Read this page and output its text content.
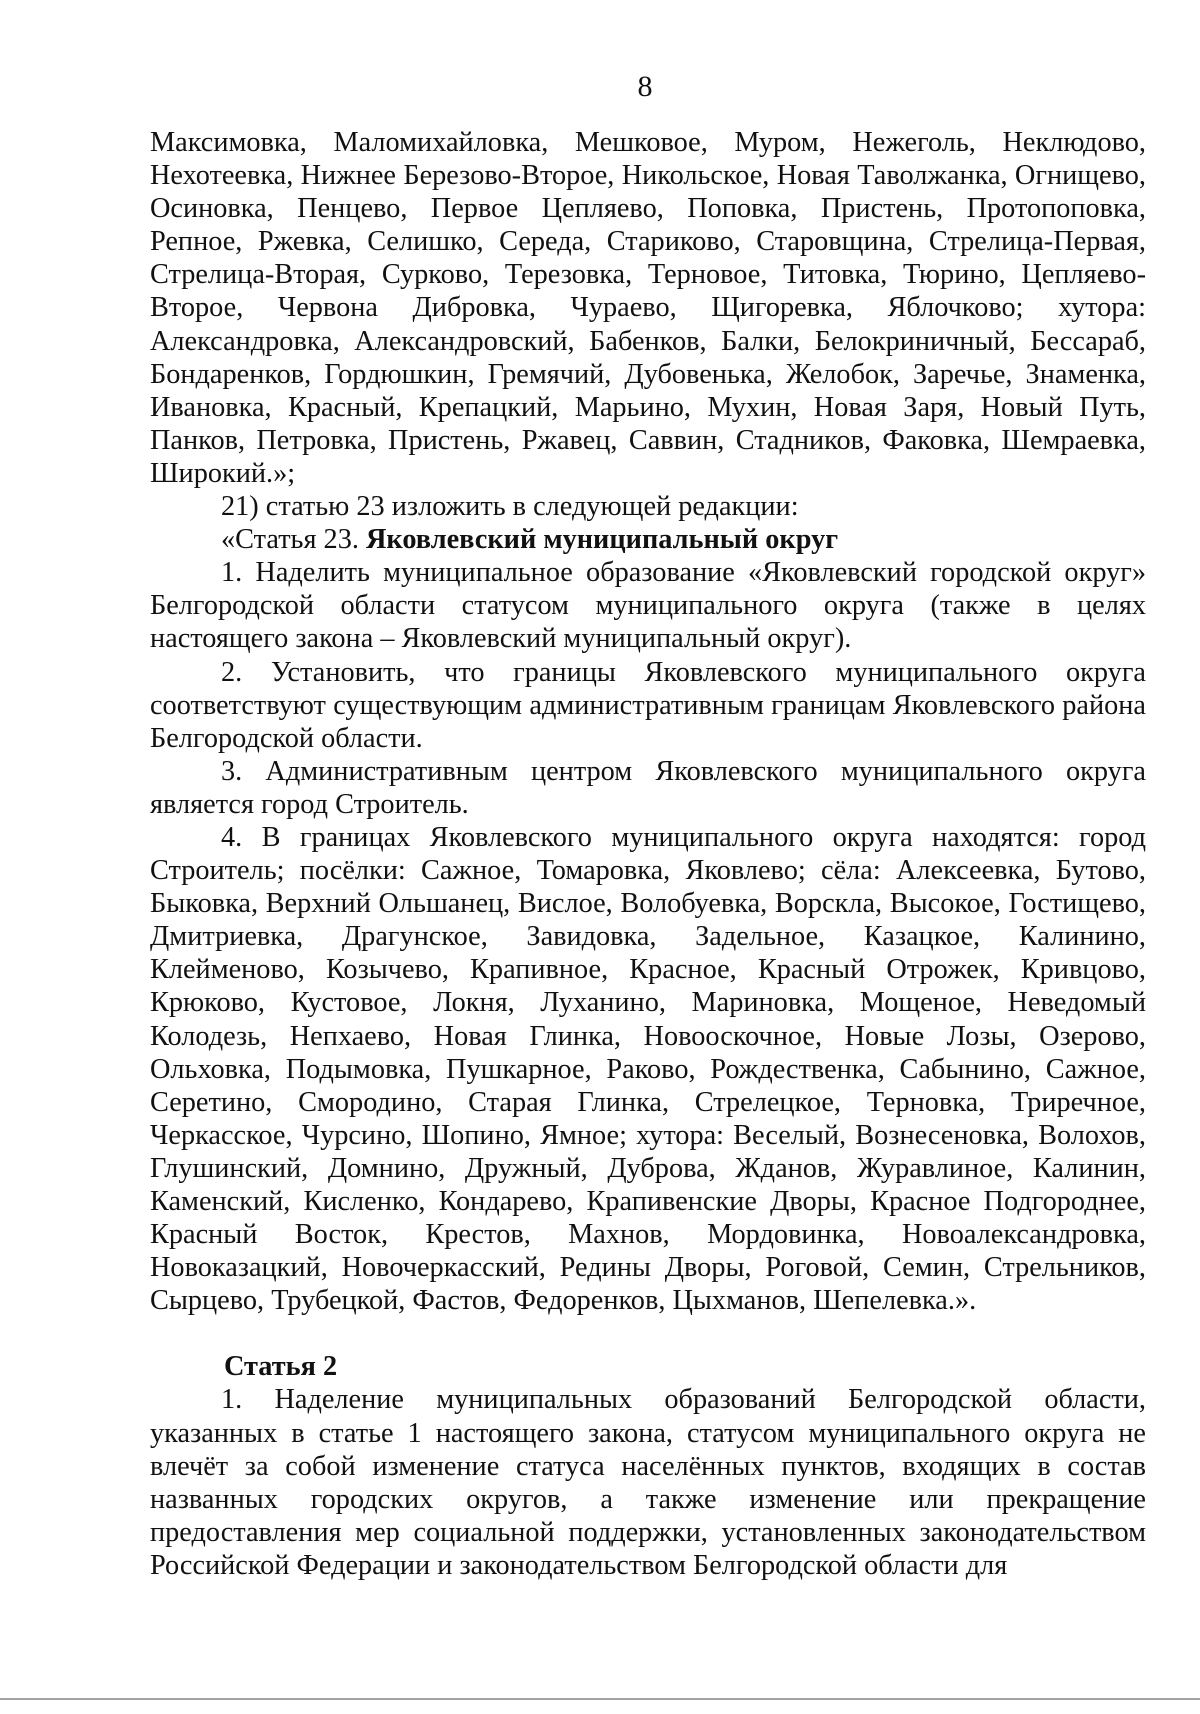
8

Максимовка, Маломихайловка, Мешковое, Муром, Нежеголь, Неклюдово, Нехотеевка, Нижнее Березово-Второе, Никольское, Новая Таволжанка, Огнищево, Осиновка, Пенцево, Первое Цепляево, Поповка, Пристень, Протопоповка, Репное, Ржевка, Селишко, Середа, Стариково, Старовщина, Стрелица-Первая, Стрелица-Вторая, Сурково, Терезовка, Терновое, Титовка, Тюрино, Цепляево-Второе, Червона Дибровка, Чураево, Щигоревка, Яблочково; хутора: Александровка, Александровский, Бабенков, Балки, Белокриничный, Бессараб, Бондаренков, Гордюшкин, Гремячий, Дубовенька, Желобок, Заречье, Знаменка, Ивановка, Красный, Крепацкий, Марьино, Мухин, Новая Заря, Новый Путь, Панков, Петровка, Пристень, Ржавец, Саввин, Стадников, Факовка, Шемраевка, Широкий.»;

21) статью 23 изложить в следующей редакции:

«Статья 23. Яковлевский муниципальный округ

1. Наделить муниципальное образование «Яковлевский городской округ» Белгородской области статусом муниципального округа (также в целях настоящего закона – Яковлевский муниципальный округ).

2. Установить, что границы Яковлевского муниципального округа соответствуют существующим административным границам Яковлевского района Белгородской области.

3. Административным центром Яковлевского муниципального округа является город Строитель.

4. В границах Яковлевского муниципального округа находятся: город Строитель; посёлки: Сажное, Томаровка, Яковлево; сёла: Алексеевка, Бутово, Быковка, Верхний Ольшанец, Вислое, Волобуевка, Ворскла, Высокое, Гостищево, Дмитриевка, Драгунское, Завидовка, Задельное, Казацкое, Калинино, Клейменово, Козычево, Крапивное, Красное, Красный Отрожек, Кривцово, Крюково, Кустовое, Локня, Луханино, Мариновка, Мощеное, Неведомый Колодезь, Непхаево, Новая Глинка, Новооскочное, Новые Лозы, Озерово, Ольховка, Подымовка, Пушкарное, Раково, Рождественка, Сабынино, Сажное, Серетино, Смородино, Старая Глинка, Стрелецкое, Терновка, Триречное, Черкасское, Чурсино, Шопино, Ямное; хутора: Веселый, Вознесеновка, Волохов, Глушинский, Домнино, Дружный, Дуброва, Жданов, Журавлиное, Калинин, Каменский, Кисленко, Кондарево, Крапивенские Дворы, Красное Подгороднее, Красный Восток, Крестов, Махнов, Мордовинка, Новоалександровка, Новоказацкий, Новочеркасский, Редины Дворы, Роговой, Семин, Стрельников, Сырцево, Трубецкой, Фастов, Федоренков, Цыхманов, Шепелевка.».

Статья 2

1. Наделение муниципальных образований Белгородской области, указанных в статье 1 настоящего закона, статусом муниципального округа не влечёт за собой изменение статуса населённых пунктов, входящих в состав названных городских округов, а также изменение или прекращение предоставления мер социальной поддержки, установленных законодательством Российской Федерации и законодательством Белгородской области для
